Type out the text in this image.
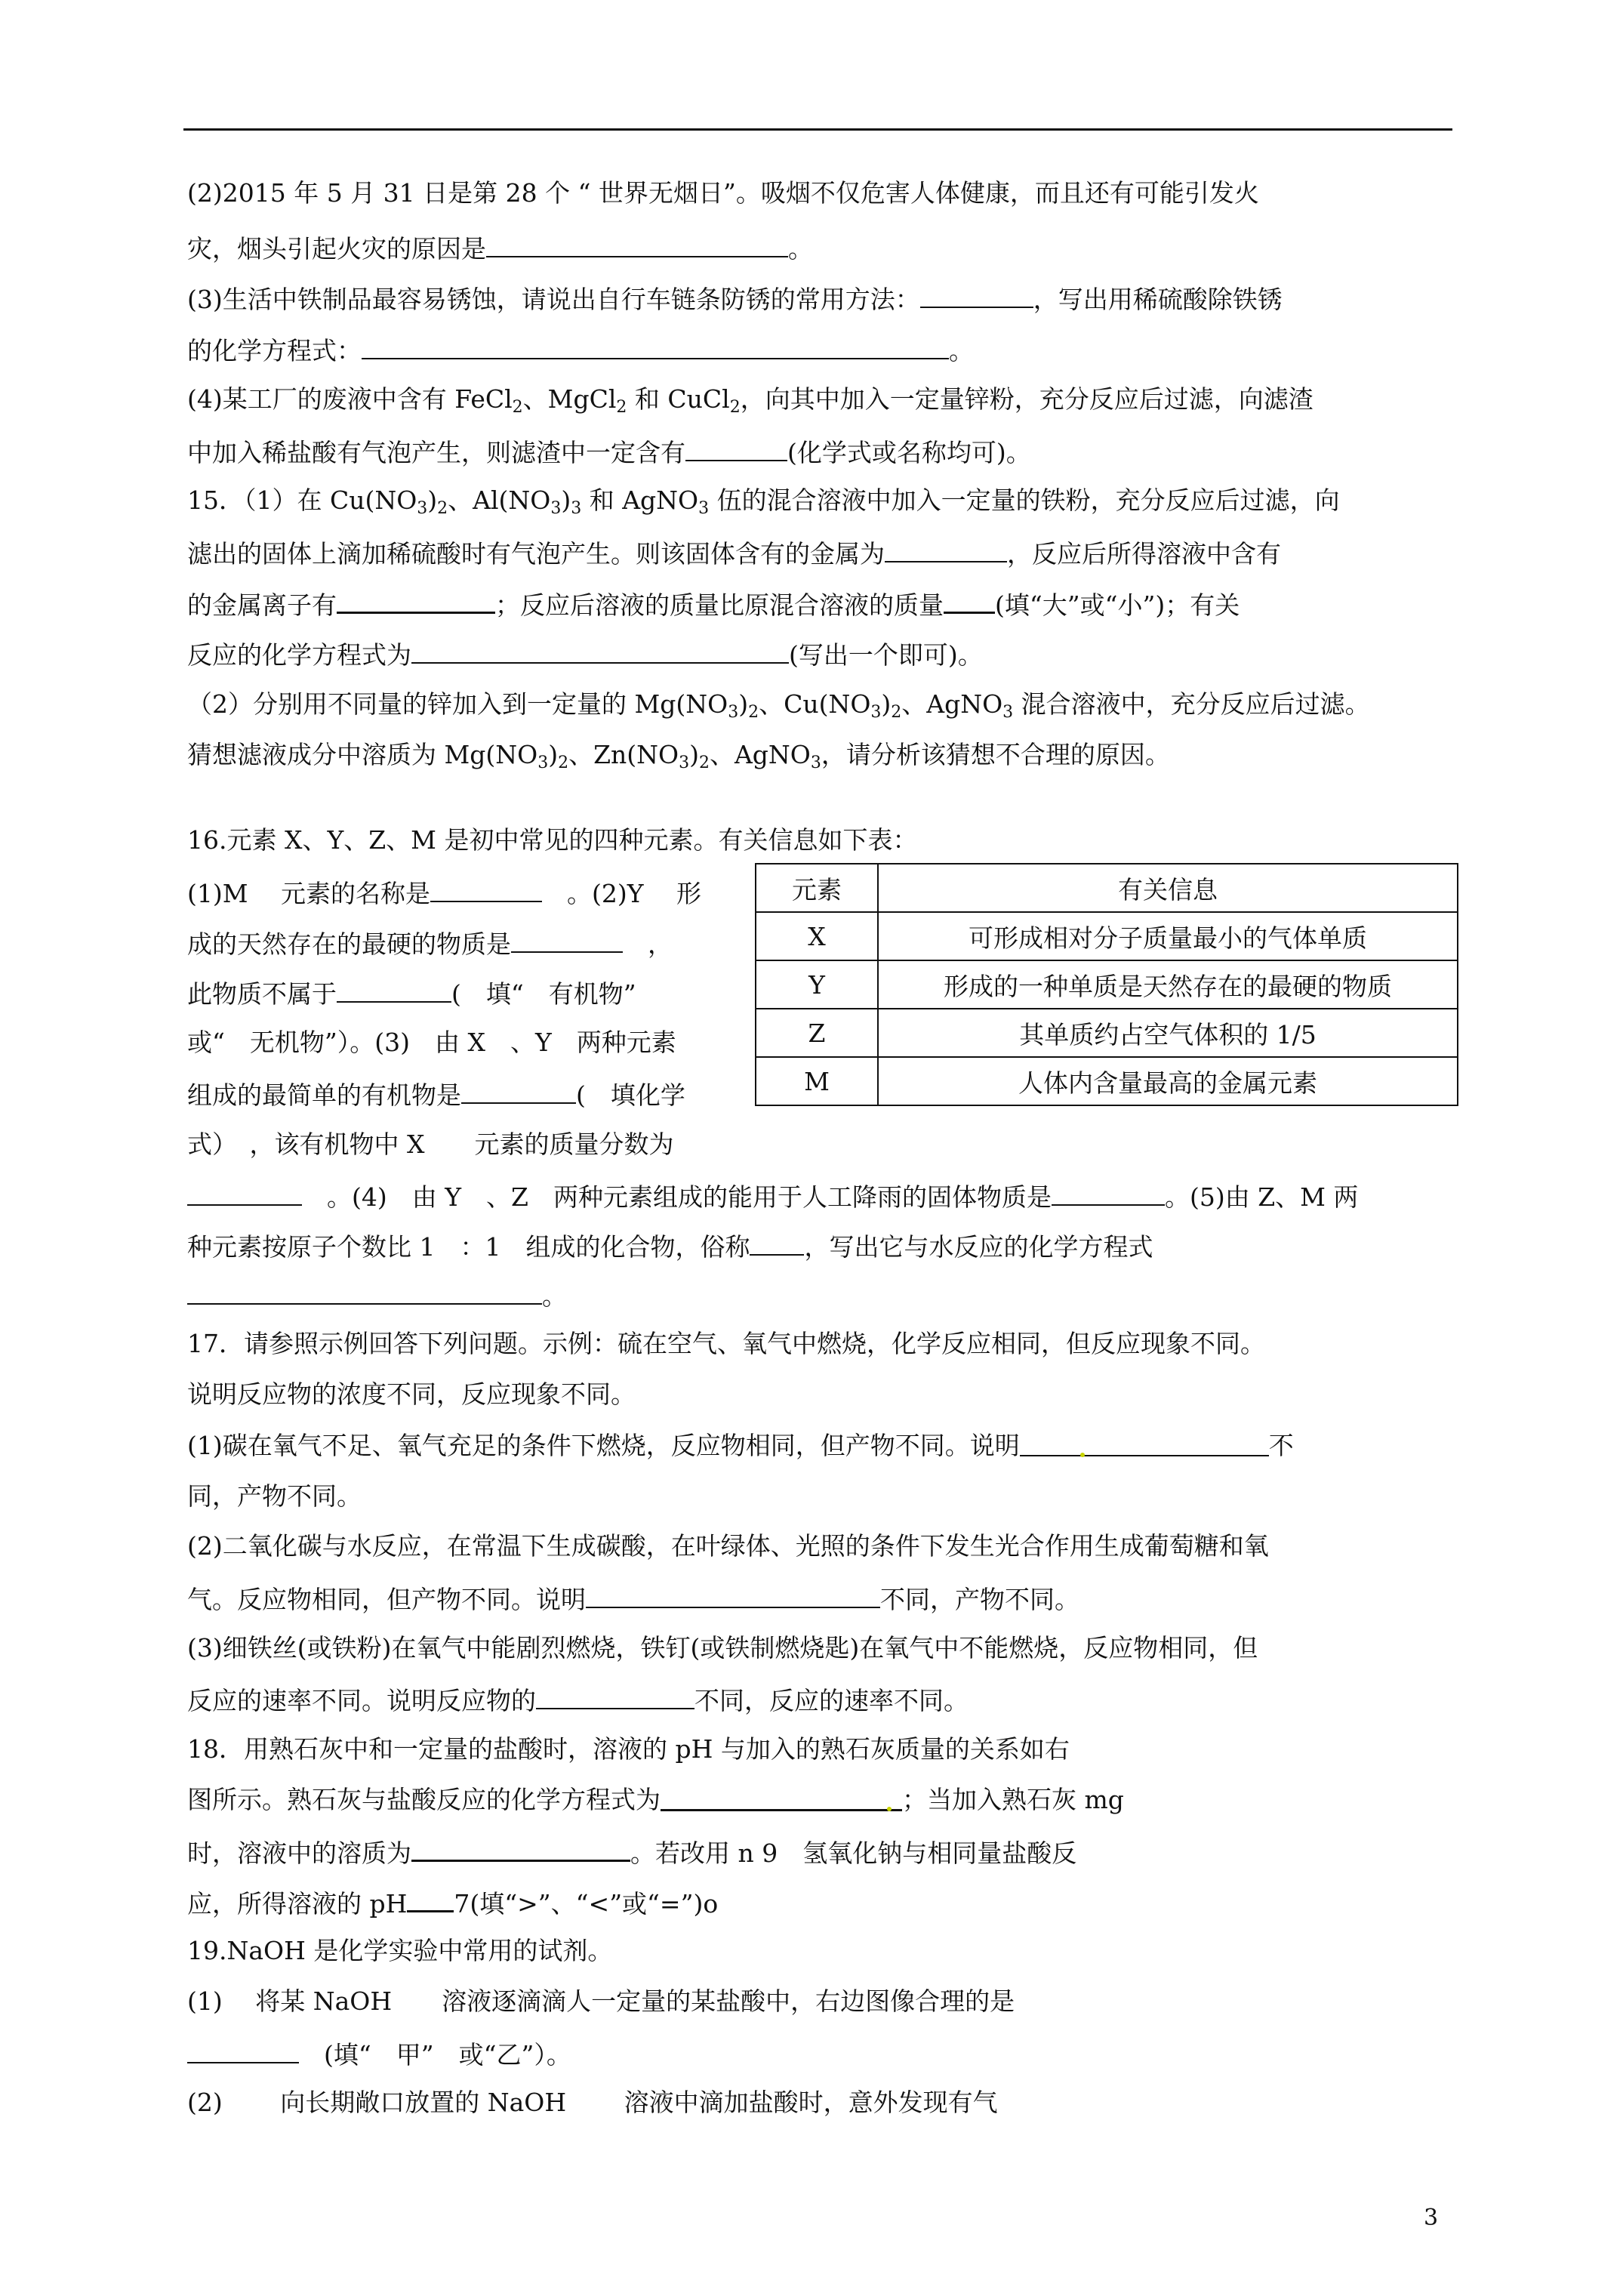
(2)2015 年 5 月 31 日是第 28 个 “ 世界无烟日”。吸烟不仅危害人体健康，而且还有可能引发火
灾，烟头引起火灾的原因是	。
(3)生活中铁制品最容易锈蚀，请说出自行车链条防锈的常用方法：	，写出用稀硫酸除铁锈
的化学方程式：	。
(4)某工厂的废液中含有 FeCl$_2$、MgCl$_2$ 和 CuCl$_2$，向其中加入一定量锌粉，充分反应后过滤，向滤渣
中加入稀盐酸有气泡产生，则滤渣中一定含有	(化学式或名称均可)。
15．（1）在 $Cu(NO_3)_2$、$Al(NO_3)_3$ 和 AgNO$_3$ 伍的混合溶液中加入一定量的铁粉，充分反应后过滤，向
滤出的固体上滴加稀硫酸时有气泡产生。则该固体含有的金属为	，反应后所得溶液中含有
的金属离子有	；反应后溶液的质量比原混合溶液的质量 (填“大”或“小”)；有关
反应的化学方程式为	(写出一个即可)。
（2）分别用不同量的锌加入到一定量的 $Mg(NO_3)_2$、$Cu(NO_3)_2$、AgNO$_3$ 混合溶液中，充分反应后过滤。
猜想滤液成分中溶质为 $Mg(NO_3)_2$、$Zn(NO_3)_2$、AgNO$_3$，请分析该猜想不合理的原因。
16.元素 X、Y、Z、M 是初中常见的四种元素。有关信息如下表：
(1)M　 元素的名称是	　。(2)Y　 形
成的天然存在的最硬的物质是	　，
此物质不属于	(　填“　有机物”
或“　无机物”）。(3)　由 X　、Y　两种元素
组成的最简单的有机物是	(　填化学
式）　，该有机物中 X　　元素的质量分数为
　。(4)　由 Y　、Z　两种元素组成的能用于人工降雨的固体物质是	。(5)由 Z、M 两
种元素按原子个数比 1　：1　组成的化合物，俗称 ，写出它与水反应的化学方程式
。
17．请参照示例回答下列问题。示例：硫在空气、氧气中燃烧，化学反应相同，但反应现象不同。
说明反应物的浓度不同，反应现象不同。
(1)碳在氧气不足、氧气充足的条件下燃烧，反应物相同，但产物不同。说明	不
同，产物不同。
(2)二氧化碳与水反应，在常温下生成碳酸，在叶绿体、光照的条件下发生光合作用生成葡萄糖和氧
气。反应物相同，但产物不同。说明	不同，产物不同。
(3)细铁丝(或铁粉)在氧气中能剧烈燃烧，铁钉(或铁制燃烧匙)在氧气中不能燃烧，反应物相同，但
反应的速率不同。说明反应物的	不同，反应的速率不同。
18．用熟石灰中和一定量的盐酸时，溶液的 pH 与加入的熟石灰质量的关系如右
图所示。熟石灰与盐酸反应的化学方程式为	；当加入熟石灰 mg
时，溶液中的溶质为	。若改用 n 9　氢氧化钠与相同量盐酸反
应，所得溶液的 pH 7(填“>”、“<”或“=”)o
19.NaOH 是化学实验中常用的试剂。
(1)　 将某 NaOH　　溶液逐滴滴人一定量的某盐酸中，右边图像合理的是
　(填“　甲”　或“乙”）。
(2)　　 向长期敞口放置的 NaOH　　 溶液中滴加盐酸时，意外发现有气
元素	有关信息
X	可形成相对分子质量最小的气体单质
Y	形成的一种单质是天然存在的最硬的物质
Z	其单质约占空气体积的 1/5
M	人体内含量最高的金属元素
3
